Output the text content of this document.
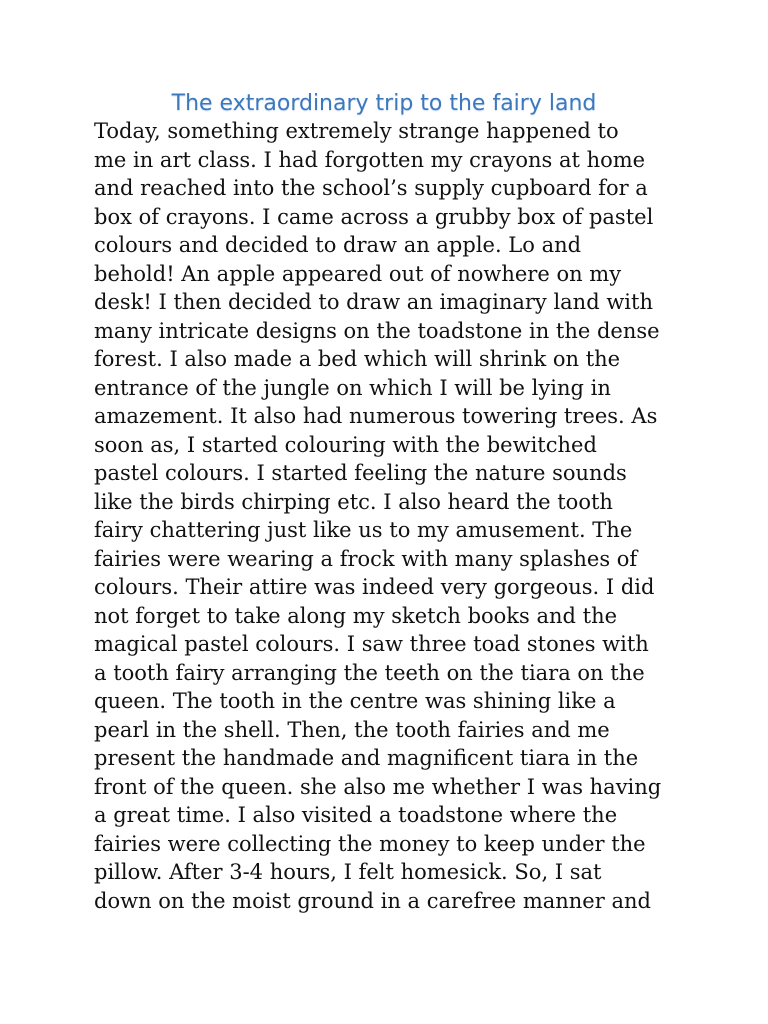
The extraordinary trip to the fairy land
Today, something extremely strange happened to
me in art class. I had forgotten my crayons at home
and reached into the school’s supply cupboard for a
box of crayons. I came across a grubby box of pastel
colours and decided to draw an apple. Lo and
behold! An apple appeared out of nowhere on my
desk! I then decided to draw an imaginary land with
many intricate designs on the toadstone in the dense
forest. I also made a bed which will shrink on the
entrance of the jungle on which I will be lying in
amazement. It also had numerous towering trees. As
soon as, I started colouring with the bewitched
pastel colours. I started feeling the nature sounds
like the birds chirping etc. I also heard the tooth
fairy chattering just like us to my amusement. The
fairies were wearing a frock with many splashes of
colours. Their attire was indeed very gorgeous. I did
not forget to take along my sketch books and the
magical pastel colours. I saw three toad stones with
a tooth fairy arranging the teeth on the tiara on the
queen. The tooth in the centre was shining like a
pearl in the shell. Then, the tooth fairies and me
present the handmade and magnificent tiara in the
front of the queen. she also me whether I was having
a great time. I also visited a toadstone where the
fairies were collecting the money to keep under the
pillow. After 3-4 hours, I felt homesick. So, I sat
down on the moist ground in a carefree manner and
